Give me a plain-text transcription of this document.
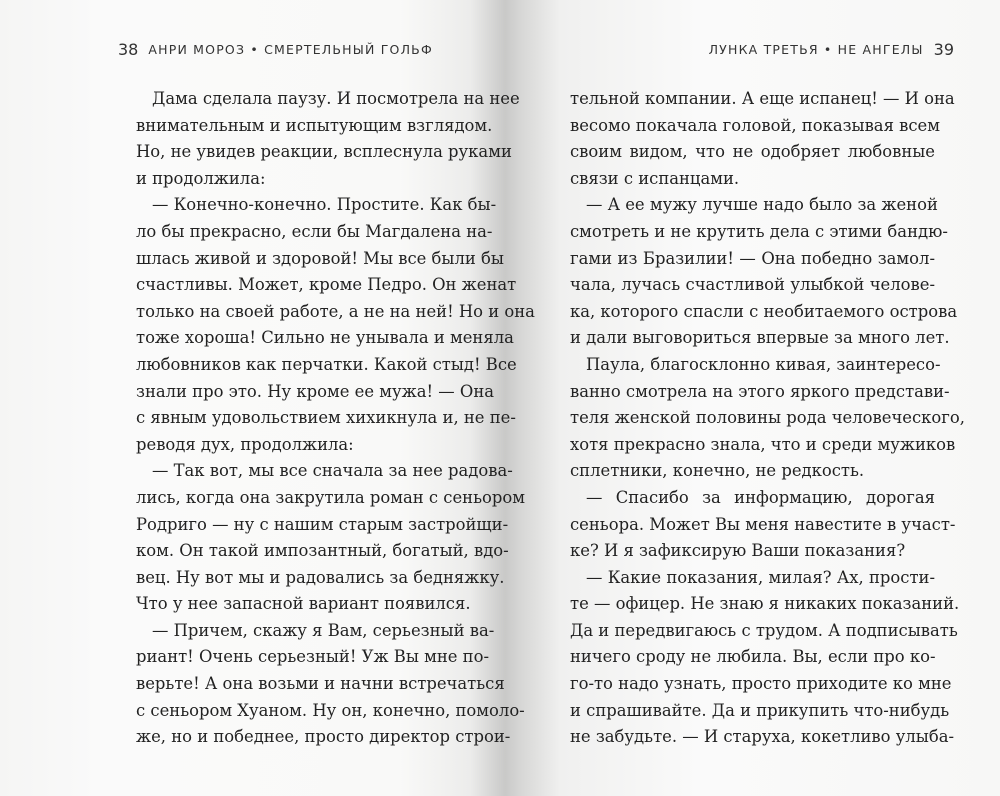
38 АНРИ МОРОЗ • СМЕРТЕЛЬНЫЙ ГОЛЬФ
Дама сделала паузу. И посмотрела на нее
внимательным и испытующим взглядом.
Но, не увидев реакции, всплеснула руками
и продолжила:
— Конечно-конечно. Простите. Как бы-
ло бы прекрасно, если бы Магдалена на-
шлась живой и здоровой! Мы все были бы
счастливы. Может, кроме Педро. Он женат
только на своей работе, а не на ней! Но и она
тоже хороша! Сильно не унывала и меняла
любовников как перчатки. Какой стыд! Все
знали про это. Ну кроме ее мужа! — Она
с явным удовольствием хихикнула и, не пе-
реводя дух, продолжила:
— Так вот, мы все сначала за нее радова-
лись, когда она закрутила роман с сеньором
Родриго — ну с нашим старым застройщи-
ком. Он такой импозантный, богатый, вдо-
вец. Ну вот мы и радовались за бедняжку.
Что у нее запасной вариант появился.
— Причем, скажу я Вам, серьезный ва-
риант! Очень серьезный! Уж Вы мне по-
верьте! А она возьми и начни встречаться
с сеньором Хуаном. Ну он, конечно, помоло-
же, но и победнее, просто директор строи-
ЛУНКА ТРЕТЬЯ • НЕ АНГЕЛЫ 39
тельной компании. А еще испанец! — И она
весомо покачала головой, показывая всем
своим видом, что не одобряет любовные
связи с испанцами.
— А ее мужу лучше надо было за женой
смотреть и не крутить дела с этими бандю-
гами из Бразилии! — Она победно замол-
чала, лучась счастливой улыбкой челове-
ка, которого спасли с необитаемого острова
и дали выговориться впервые за много лет.
Паула, благосклонно кивая, заинтересо-
ванно смотрела на этого яркого представи-
теля женской половины рода человеческого,
хотя прекрасно знала, что и среди мужиков
сплетники, конечно, не редкость.
— Спасибо за информацию, дорогая
сеньора. Может Вы меня навестите в участ-
ке? И я зафиксирую Ваши показания?
— Какие показания, милая? Ах, прости-
те — офицер. Не знаю я никаких показаний.
Да и передвигаюсь с трудом. А подписывать
ничего сроду не любила. Вы, если про ко-
го-то надо узнать, просто приходите ко мне
и спрашивайте. Да и прикупить что-нибудь
не забудьте. — И старуха, кокетливо улыба-
